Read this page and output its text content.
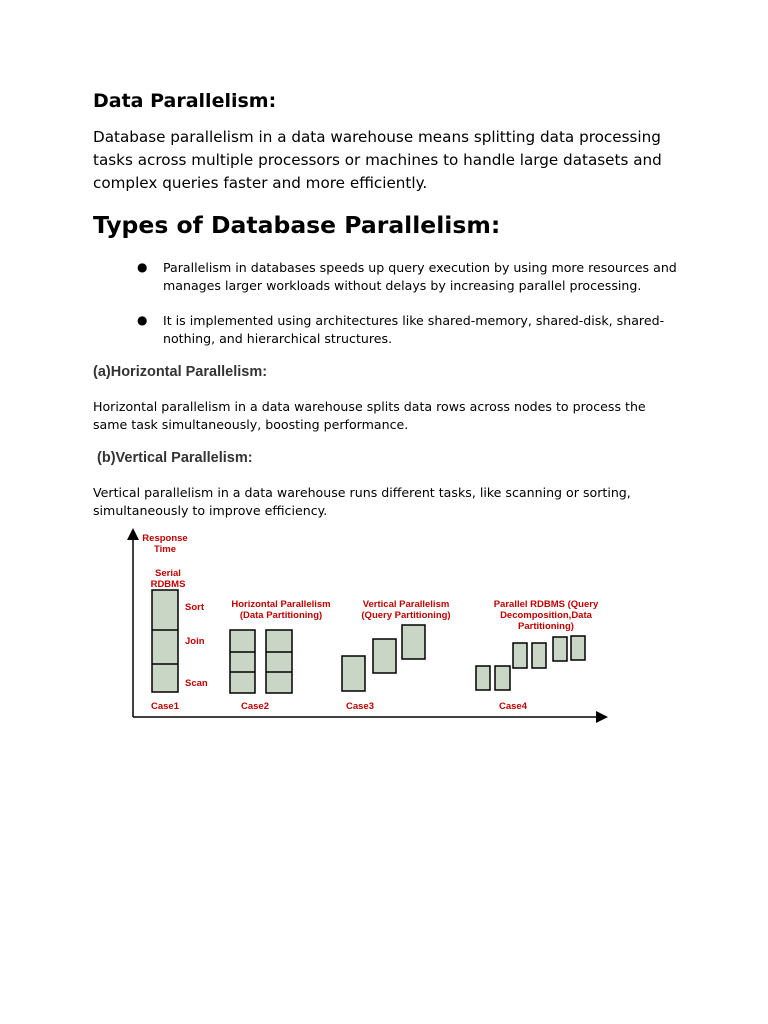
Data Parallelism:

Database parallelism in a data warehouse means splitting data processing tasks across multiple processors or machines to handle large datasets and complex queries faster and more efficiently.

Types of Database Parallelism:
● Parallelism in databases speeds up query execution by using more resources and manages larger workloads without delays by increasing parallel processing.
● It is implemented using architectures like shared-memory, shared-disk, shared-nothing, and hierarchical structures.
(a)Horizontal Parallelism:

Horizontal parallelism in a data warehouse splits data rows across nodes to process the same task simultaneously, boosting performance.

(b)Vertical Parallelism:

Vertical parallelism in a data warehouse runs different tasks, like scanning or sorting, simultaneously to improve efficiency.

Response
Time
Serial
RDBMS
Sort
Join
Scan
Horizontal Parallelism
(Data Partitioning)
Vertical Parallelism
(Query Partitioning)
Parallel RDBMS (Query
Decomposition,Data
Partitioning)
Case1	Case2	Case3	Case4
